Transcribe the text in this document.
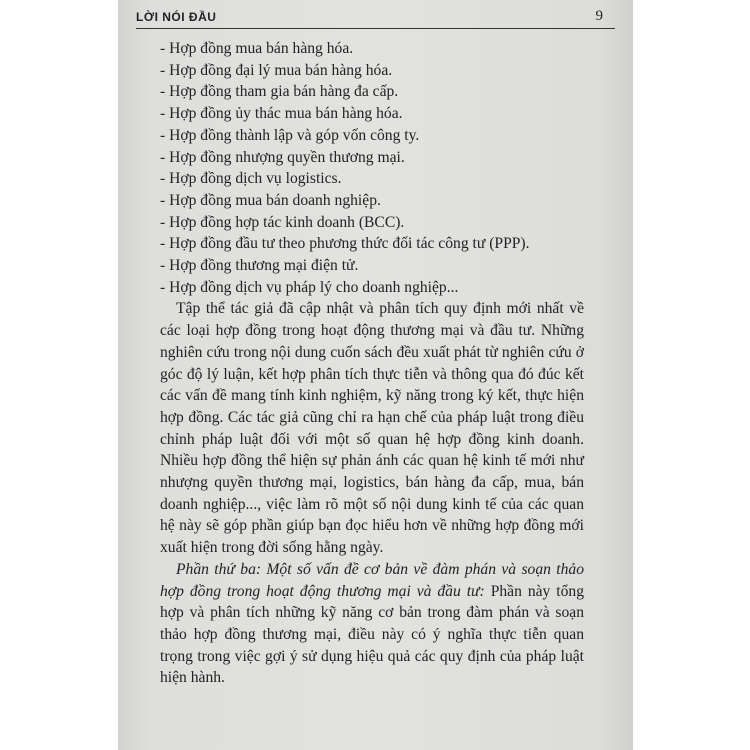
LỜI NÓI ĐẦU	9
- Hợp đồng mua bán hàng hóa.
- Hợp đồng đại lý mua bán hàng hóa.
- Hợp đồng tham gia bán hàng đa cấp.
- Hợp đồng ủy thác mua bán hàng hóa.
- Hợp đồng thành lập và góp vốn công ty.
- Hợp đồng nhượng quyền thương mại.
- Hợp đồng dịch vụ logistics.
- Hợp đồng mua bán doanh nghiệp.
- Hợp đồng hợp tác kinh doanh (BCC).
- Hợp đồng đầu tư theo phương thức đối tác công tư (PPP).
- Hợp đồng thương mại điện tử.
- Hợp đồng dịch vụ pháp lý cho doanh nghiệp...

Tập thể tác giả đã cập nhật và phân tích quy định mới nhất về các loại hợp đồng trong hoạt động thương mại và đầu tư. Những nghiên cứu trong nội dung cuốn sách đều xuất phát từ nghiên cứu ở góc độ lý luận, kết hợp phân tích thực tiễn và thông qua đó đúc kết các vấn đề mang tính kinh nghiệm, kỹ năng trong ký kết, thực hiện hợp đồng. Các tác giả cũng chỉ ra hạn chế của pháp luật trong điều chỉnh pháp luật đối với một số quan hệ hợp đồng kinh doanh. Nhiều hợp đồng thể hiện sự phản ánh các quan hệ kinh tế mới như nhượng quyền thương mại, logistics, bán hàng đa cấp, mua, bán doanh nghiệp..., việc làm rõ một số nội dung kinh tế của các quan hệ này sẽ góp phần giúp bạn đọc hiểu hơn về những hợp đồng mới xuất hiện trong đời sống hằng ngày.

Phần thứ ba: Một số vấn đề cơ bản về đàm phán và soạn thảo hợp đồng trong hoạt động thương mại và đầu tư: Phần này tổng hợp và phân tích những kỹ năng cơ bản trong đàm phán và soạn thảo hợp đồng thương mại, điều này có ý nghĩa thực tiễn quan trọng trong việc gợi ý sử dụng hiệu quả các quy định của pháp luật hiện hành.
